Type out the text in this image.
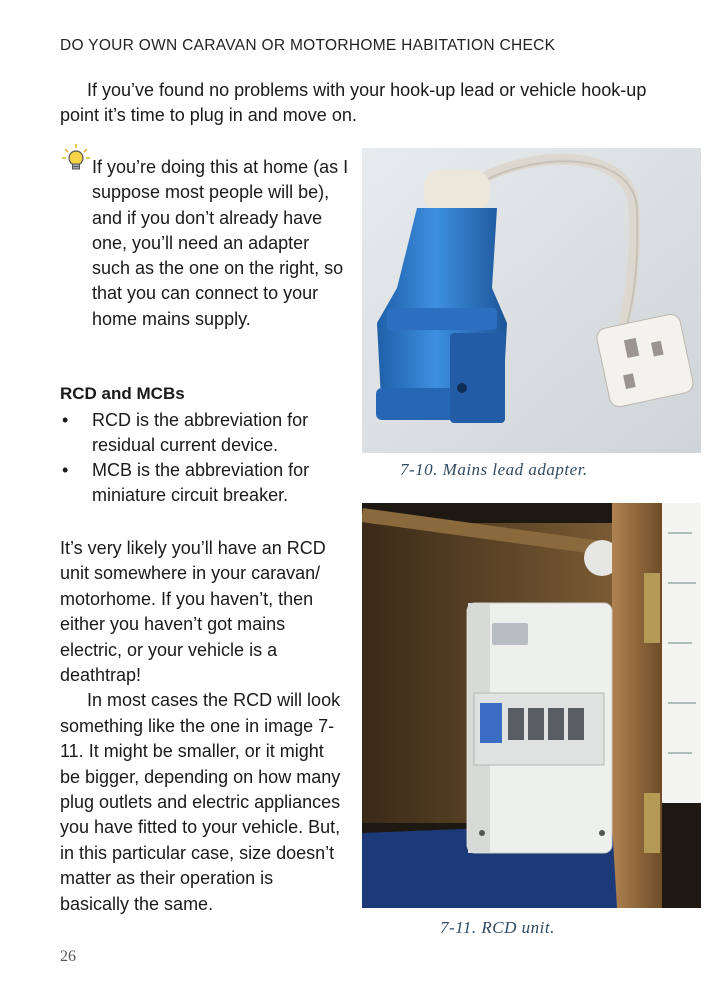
DO YOUR OWN CARAVAN OR MOTORHOME HABITATION CHECK
If you’ve found no problems with your hook-up lead or vehicle hook-up point it’s time to plug in and move on.
If you’re doing this at home (as I suppose most people will be), and if you don’t already have one, you’ll need an adapter such as the one on the right, so that you can connect to your home mains supply.
RCD and MCBs
• RCD is the abbreviation for residual current device.
• MCB is the abbreviation for miniature circuit breaker.
It’s very likely you’ll have an RCD unit somewhere in your caravan/ motorhome. If you haven’t, then either you haven’t got mains electric, or your vehicle is a deathtrap!
In most cases the RCD will look something like the one in image 7-11. It might be smaller, or it might be bigger, depending on how many plug outlets and electric appliances you have fitted to your vehicle. But, in this particular case, size doesn’t matter as their operation is basically the same.
26
7-10. Mains lead adapter.
7-11. RCD unit.
